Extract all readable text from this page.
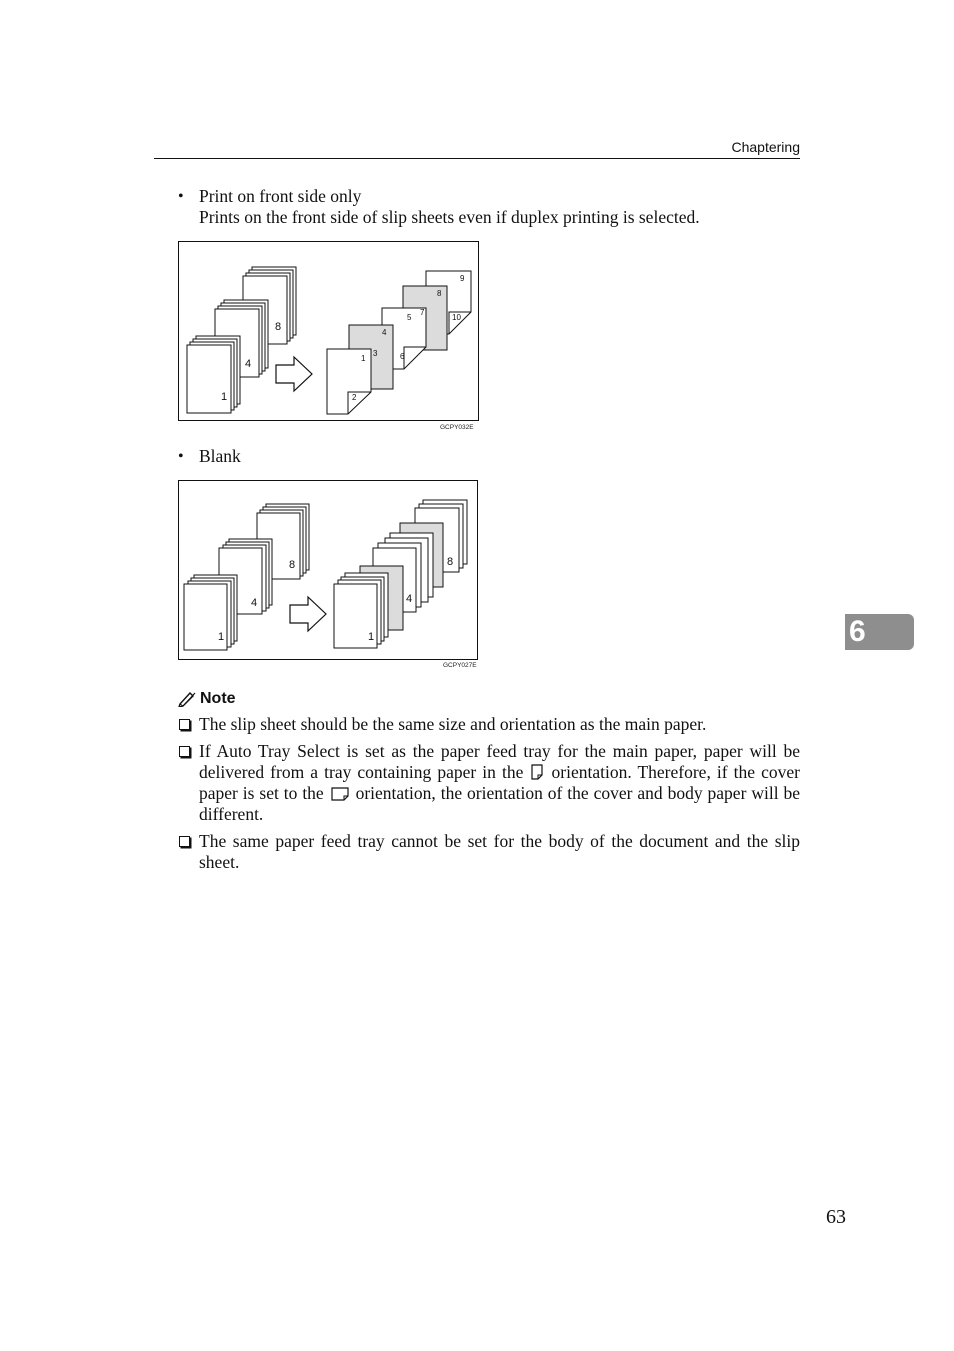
Chaptering
• Print on front side only
Prints on the front side of slip sheets even if duplex printing is selected.
8
4
1
9
8
7
10
5
4
6
1
3
2
GCPY032E
• Blank
8
4
1
8
4
1
GCPY027E
Note
The slip sheet should be the same size and orientation as the main paper.
If Auto Tray Select is set as the paper feed tray for the main paper, paper will be delivered from a tray containing paper in the orientation. Therefore, if the cover paper is set to the orientation, the orientation of the cover and body paper will be different.
The same paper feed tray cannot be set for the body of the document and the slip sheet.
6
63
